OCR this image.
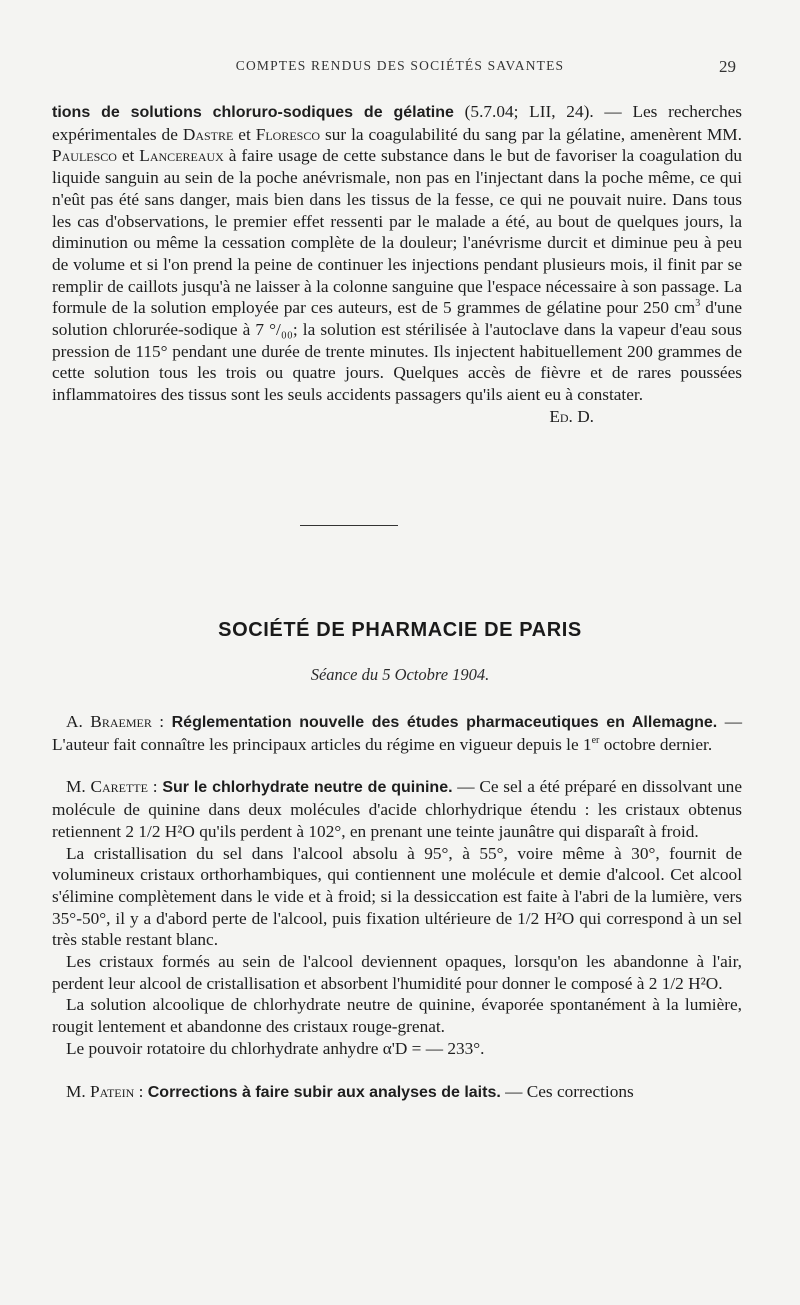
COMPTES RENDUS DES SOCIÉTÉS SAVANTES	29

tions de solutions chloruro-sodiques de gélatine (5.7.04; LII, 24). — Les recherches expérimentales de Dastre et Floresco sur la coagulabilité du sang par la gélatine, amenèrent MM. Paulesco et Lancereaux à faire usage de cette substance dans le but de favoriser la coagulation du liquide sanguin au sein de la poche anévrismale, non pas en l'injectant dans la poche même, ce qui n'eût pas été sans danger, mais bien dans les tissus de la fesse, ce qui ne pouvait nuire. Dans tous les cas d'observations, le premier effet ressenti par le malade a été, au bout de quelques jours, la diminution ou même la cessation complète de la douleur; l'anévrisme durcit et diminue peu à peu de volume et si l'on prend la peine de continuer les injections pendant plusieurs mois, il finit par se remplir de caillots jusqu'à ne laisser à la colonne sanguine que l'espace nécessaire à son passage. La formule de la solution employée par ces auteurs, est de 5 grammes de gélatine pour 250 $cm^3$ d'une solution chlorurée-sodique à 7 °/₀₀; la solution est stérilisée à l'autoclave dans la vapeur d'eau sous pression de 115° pendant une durée de trente minutes. Ils injectent habituellement 200 grammes de cette solution tous les trois ou quatre jours. Quelques accès de fièvre et de rares poussées inflammatoires des tissus sont les seuls accidents passagers qu'ils aient eu à constater.
Ed. D.

SOCIÉTÉ DE PHARMACIE DE PARIS
Séance du 5 Octobre 1904.

A. Braemer : Réglementation nouvelle des études pharmaceutiques en Allemagne. — L'auteur fait connaître les principaux articles du régime en vigueur depuis le 1er octobre dernier.

M. Carette : Sur le chlorhydrate neutre de quinine. — Ce sel a été préparé en dissolvant une molécule de quinine dans deux molécules d'acide chlorhydrique étendu : les cristaux obtenus retiennent 2 1/2 H²O qu'ils perdent à 102°, en prenant une teinte jaunâtre qui disparaît à froid.

La cristallisation du sel dans l'alcool absolu à 95°, à 55°, voire même à 30°, fournit de volumineux cristaux orthorhambiques, qui contiennent une molécule et demie d'alcool. Cet alcool s'élimine complètement dans le vide et à froid; si la dessiccation est faite à l'abri de la lumière, vers 35°-50°, il y a d'abord perte de l'alcool, puis fixation ultérieure de 1/2 H²O qui correspond à un sel très stable restant blanc.

Les cristaux formés au sein de l'alcool deviennent opaques, lorsqu'on les abandonne à l'air, perdent leur alcool de cristallisation et absorbent l'humidité pour donner le composé à 2 1/2 H²O.

La solution alcoolique de chlorhydrate neutre de quinine, évaporée spontanément à la lumière, rougit lentement et abandonne des cristaux rouge-grenat.

Le pouvoir rotatoire du chlorhydrate anhydre α'D = — 233°.

M. Patein : Corrections à faire subir aux analyses de laits. — Ces corrections
